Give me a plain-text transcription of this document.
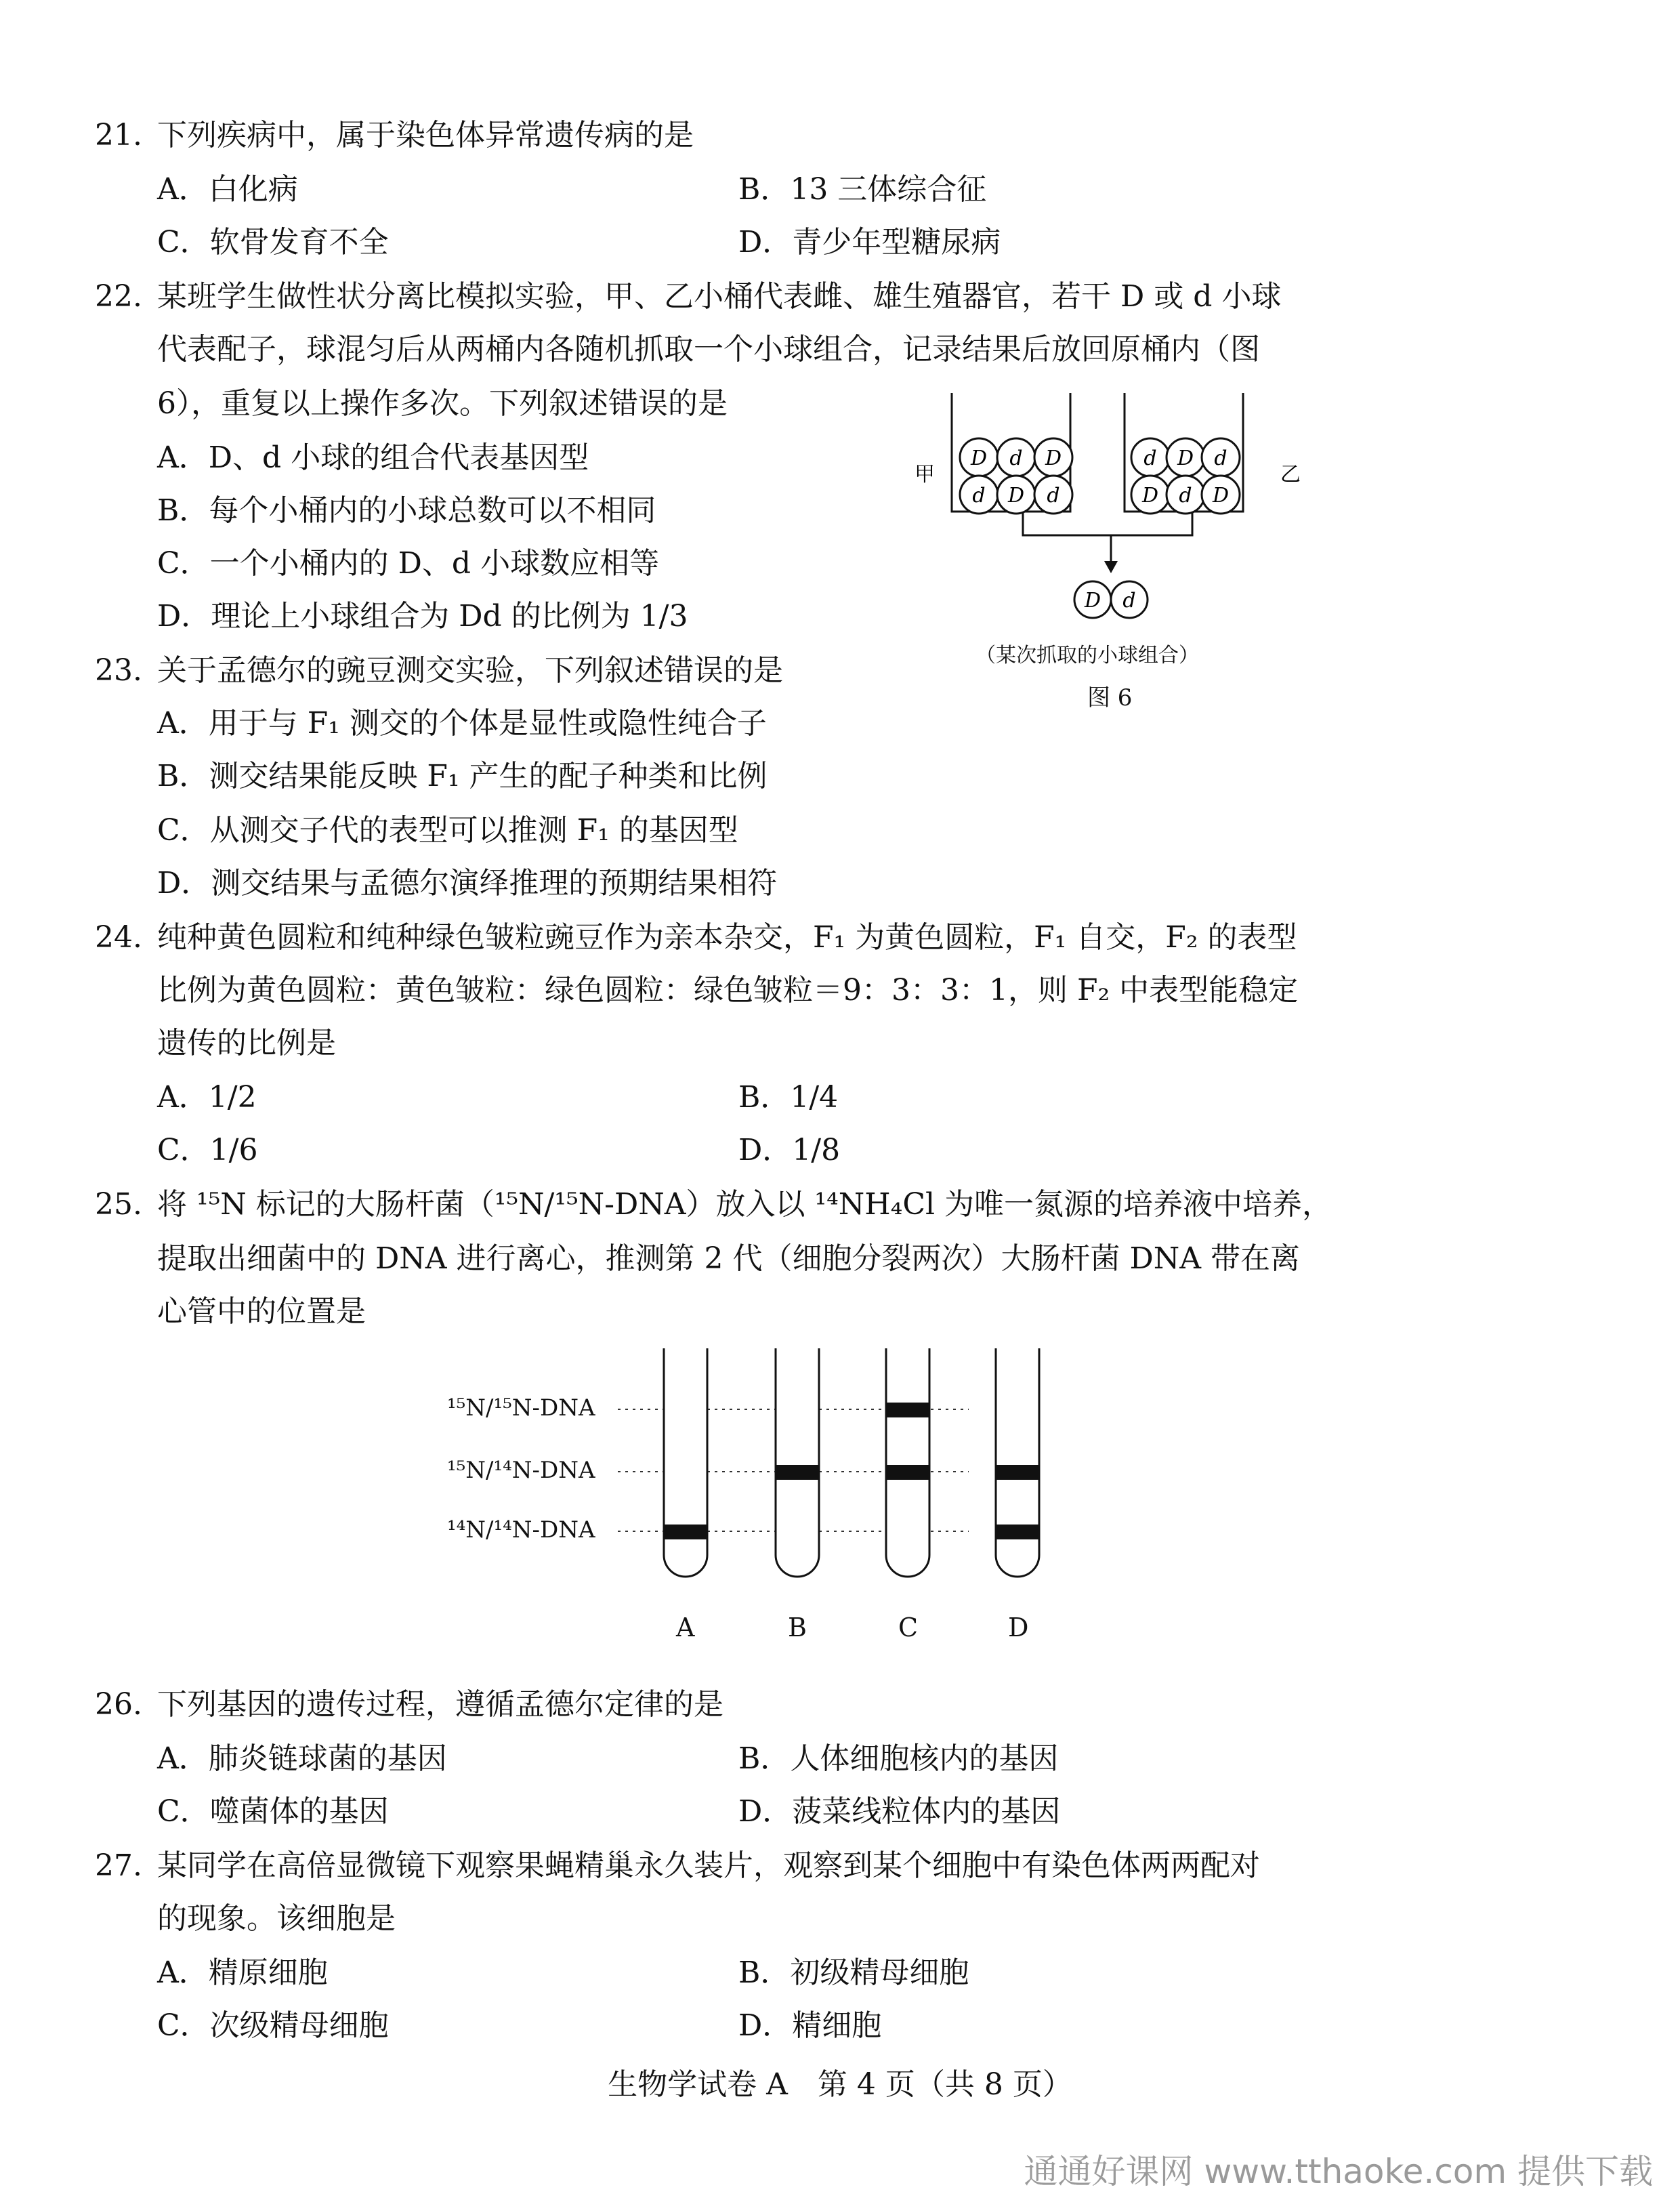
21. 下列疾病中，属于染色体异常遗传病的是
A．白化病	B．13 三体综合征
C．软骨发育不全	D．青少年型糖尿病
22. 某班学生做性状分离比模拟实验，甲、乙小桶代表雌、雄生殖器官，若干 D 或 d 小球
代表配子，球混匀后从两桶内各随机抓取一个小球组合，记录结果后放回原桶内（图
6），重复以上操作多次。下列叙述错误的是
A．D、d 小球的组合代表基因型
B．每个小桶内的小球总数可以不相同
C．一个小桶内的 D、d 小球数应相等
D．理论上小球组合为 Dd 的比例为 1/3
D d D
d D d
d D d
D d D
甲	乙
D d
（某次抓取的小球组合）
图 6
23. 关于孟德尔的豌豆测交实验，下列叙述错误的是
A．用于与 F₁ 测交的个体是显性或隐性纯合子
B．测交结果能反映 F₁ 产生的配子种类和比例
C．从测交子代的表型可以推测 F₁ 的基因型
D．测交结果与孟德尔演绎推理的预期结果相符
24. 纯种黄色圆粒和纯种绿色皱粒豌豆作为亲本杂交，F₁ 为黄色圆粒，F₁ 自交，F₂ 的表型
比例为黄色圆粒：黄色皱粒：绿色圆粒：绿色皱粒＝9：3：3：1，则 F₂ 中表型能稳定
遗传的比例是
A．1/2	B．1/4
C．1/6	D．1/8
25. 将 ¹⁵N 标记的大肠杆菌（¹⁵N/¹⁵N-DNA）放入以 ¹⁴NH₄Cl 为唯一氮源的培养液中培养，
提取出细菌中的 DNA 进行离心，推测第 2 代（细胞分裂两次）大肠杆菌 DNA 带在离
心管中的位置是
¹⁵N/¹⁵N-DNA
¹⁵N/¹⁴N-DNA
¹⁴N/¹⁴N-DNA
A	B	C	D
26. 下列基因的遗传过程，遵循孟德尔定律的是
A．肺炎链球菌的基因	B．人体细胞核内的基因
C．噬菌体的基因	D．菠菜线粒体内的基因
27. 某同学在高倍显微镜下观察果蝇精巢永久装片，观察到某个细胞中有染色体两两配对
的现象。该细胞是
A．精原细胞	B．初级精母细胞
C．次级精母细胞	D．精细胞
生物学试卷 A　第 4 页（共 8 页）
通通好课网 www.tthaoke.com 提供下载
